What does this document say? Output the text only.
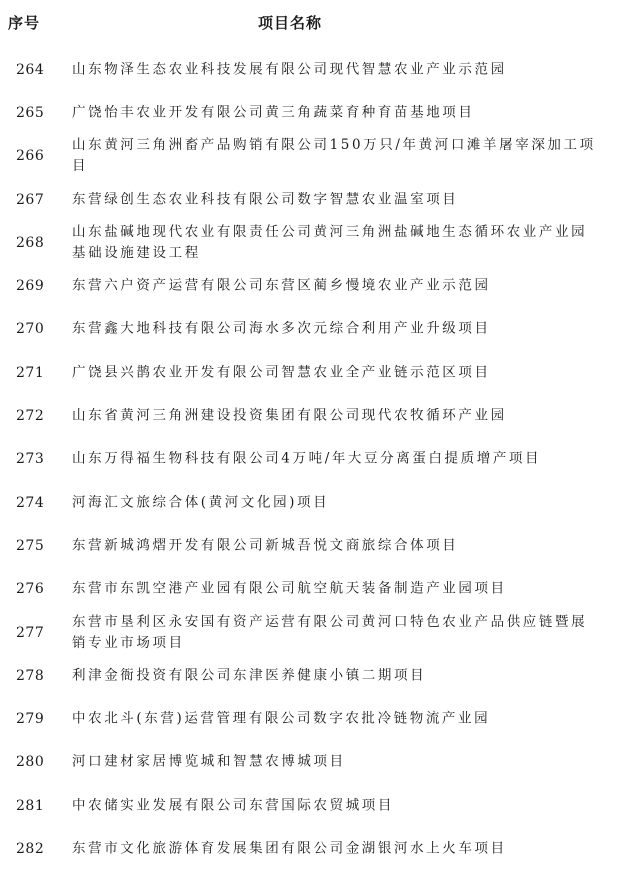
序号	项目名称
264 山东物泽生态农业科技发展有限公司现代智慧农业产业示范园
265 广饶怡丰农业开发有限公司黄三角蔬菜育种育苗基地项目
266
山东黄河三角洲畜产品购销有限公司150万只/年黄河口滩羊屠宰深加工项目
267 东营绿创生态农业科技有限公司数字智慧农业温室项目
268
山东盐碱地现代农业有限责任公司黄河三角洲盐碱地生态循环农业产业园基础设施建设工程
269 东营六户资产运营有限公司东营区蔺乡慢境农业产业示范园
270 东营鑫大地科技有限公司海水多次元综合利用产业升级项目
271 广饶县兴鹊农业开发有限公司智慧农业全产业链示范区项目
272 山东省黄河三角洲建设投资集团有限公司现代农牧循环产业园
273 山东万得福生物科技有限公司4万吨/年大豆分离蛋白提质增产项目
274 河海汇文旅综合体(黄河文化园)项目
275 东营新城鸿熠开发有限公司新城吾悦文商旅综合体项目
276 东营市东凯空港产业园有限公司航空航天装备制造产业园项目
277
东营市垦利区永安国有资产运营有限公司黄河口特色农业产品供应链暨展销专业市场项目
278 利津金衙投资有限公司东津医养健康小镇二期项目
279 中农北斗(东营)运营管理有限公司数字农批冷链物流产业园
280 河口建材家居博览城和智慧农博城项目
281 中农储实业发展有限公司东营国际农贸城项目
282 东营市文化旅游体育发展集团有限公司金湖银河水上火车项目
